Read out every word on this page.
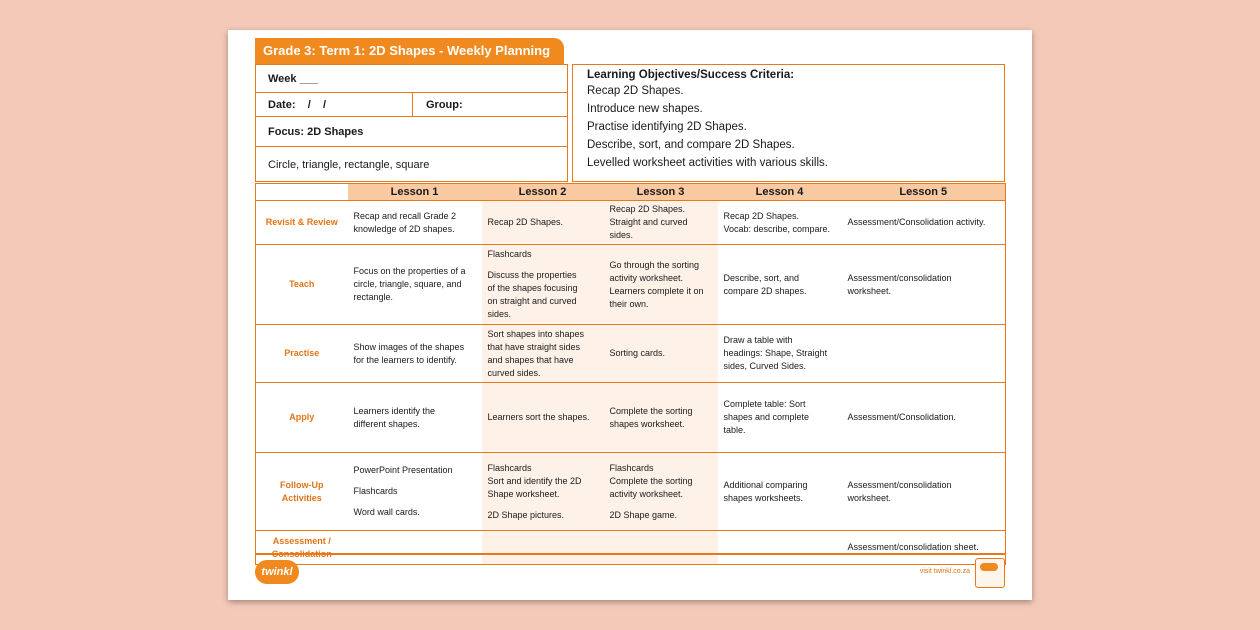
Grade 3: Term 1: 2D Shapes - Weekly Planning
Week ___
Date:    /    /	Group:
Focus: 2D Shapes
Circle, triangle, rectangle, square
Learning Objectives/Success Criteria:
Recap 2D Shapes.
Introduce new shapes.
Practise identifying 2D Shapes.
Describe, sort, and compare 2D Shapes.
Levelled worksheet activities with various skills.
	Lesson 1	Lesson 2	Lesson 3	Lesson 4	Lesson 5

Revisit & Review	Recap and recall Grade 2
knowledge of 2D shapes.	Recap 2D Shapes.	Recap 2D Shapes.
Straight and curved
sides.	Recap 2D Shapes.
Vocab: describe, compare.	Assessment/Consolidation activity.

Teach	Focus on the properties of a
circle, triangle, square, and
rectangle.	Flashcards
Discuss the properties
of the shapes focusing
on straight and curved
sides.	Go through the sorting
activity worksheet.
Learners complete it on
their own.	Describe, sort, and
compare 2D shapes.	Assessment/consolidation
worksheet.

Practise	Show images of the shapes
for the learners to identify.	Sort shapes into shapes
that have straight sides
and shapes that have
curved sides.	Sorting cards.	Draw a table with
headings: Shape, Straight
sides, Curved Sides.	

Apply	Learners identify the
different shapes.	Learners sort the shapes.	Complete the sorting
shapes worksheet.	Complete table: Sort
shapes and complete
table.	Assessment/Consolidation.

Follow-Up
Activities	PowerPoint Presentation
Flashcards
Word wall cards.	Flashcards
Sort and identify the 2D
Shape worksheet.
2D Shape pictures.	Flashcards
Complete the sorting
activity worksheet.
2D Shape game.	Additional comparing
shapes worksheets.	Assessment/consolidation
worksheet.

Assessment /
Consolidation					Assessment/consolidation sheet.
twinkl	visit twinkl.co.za
